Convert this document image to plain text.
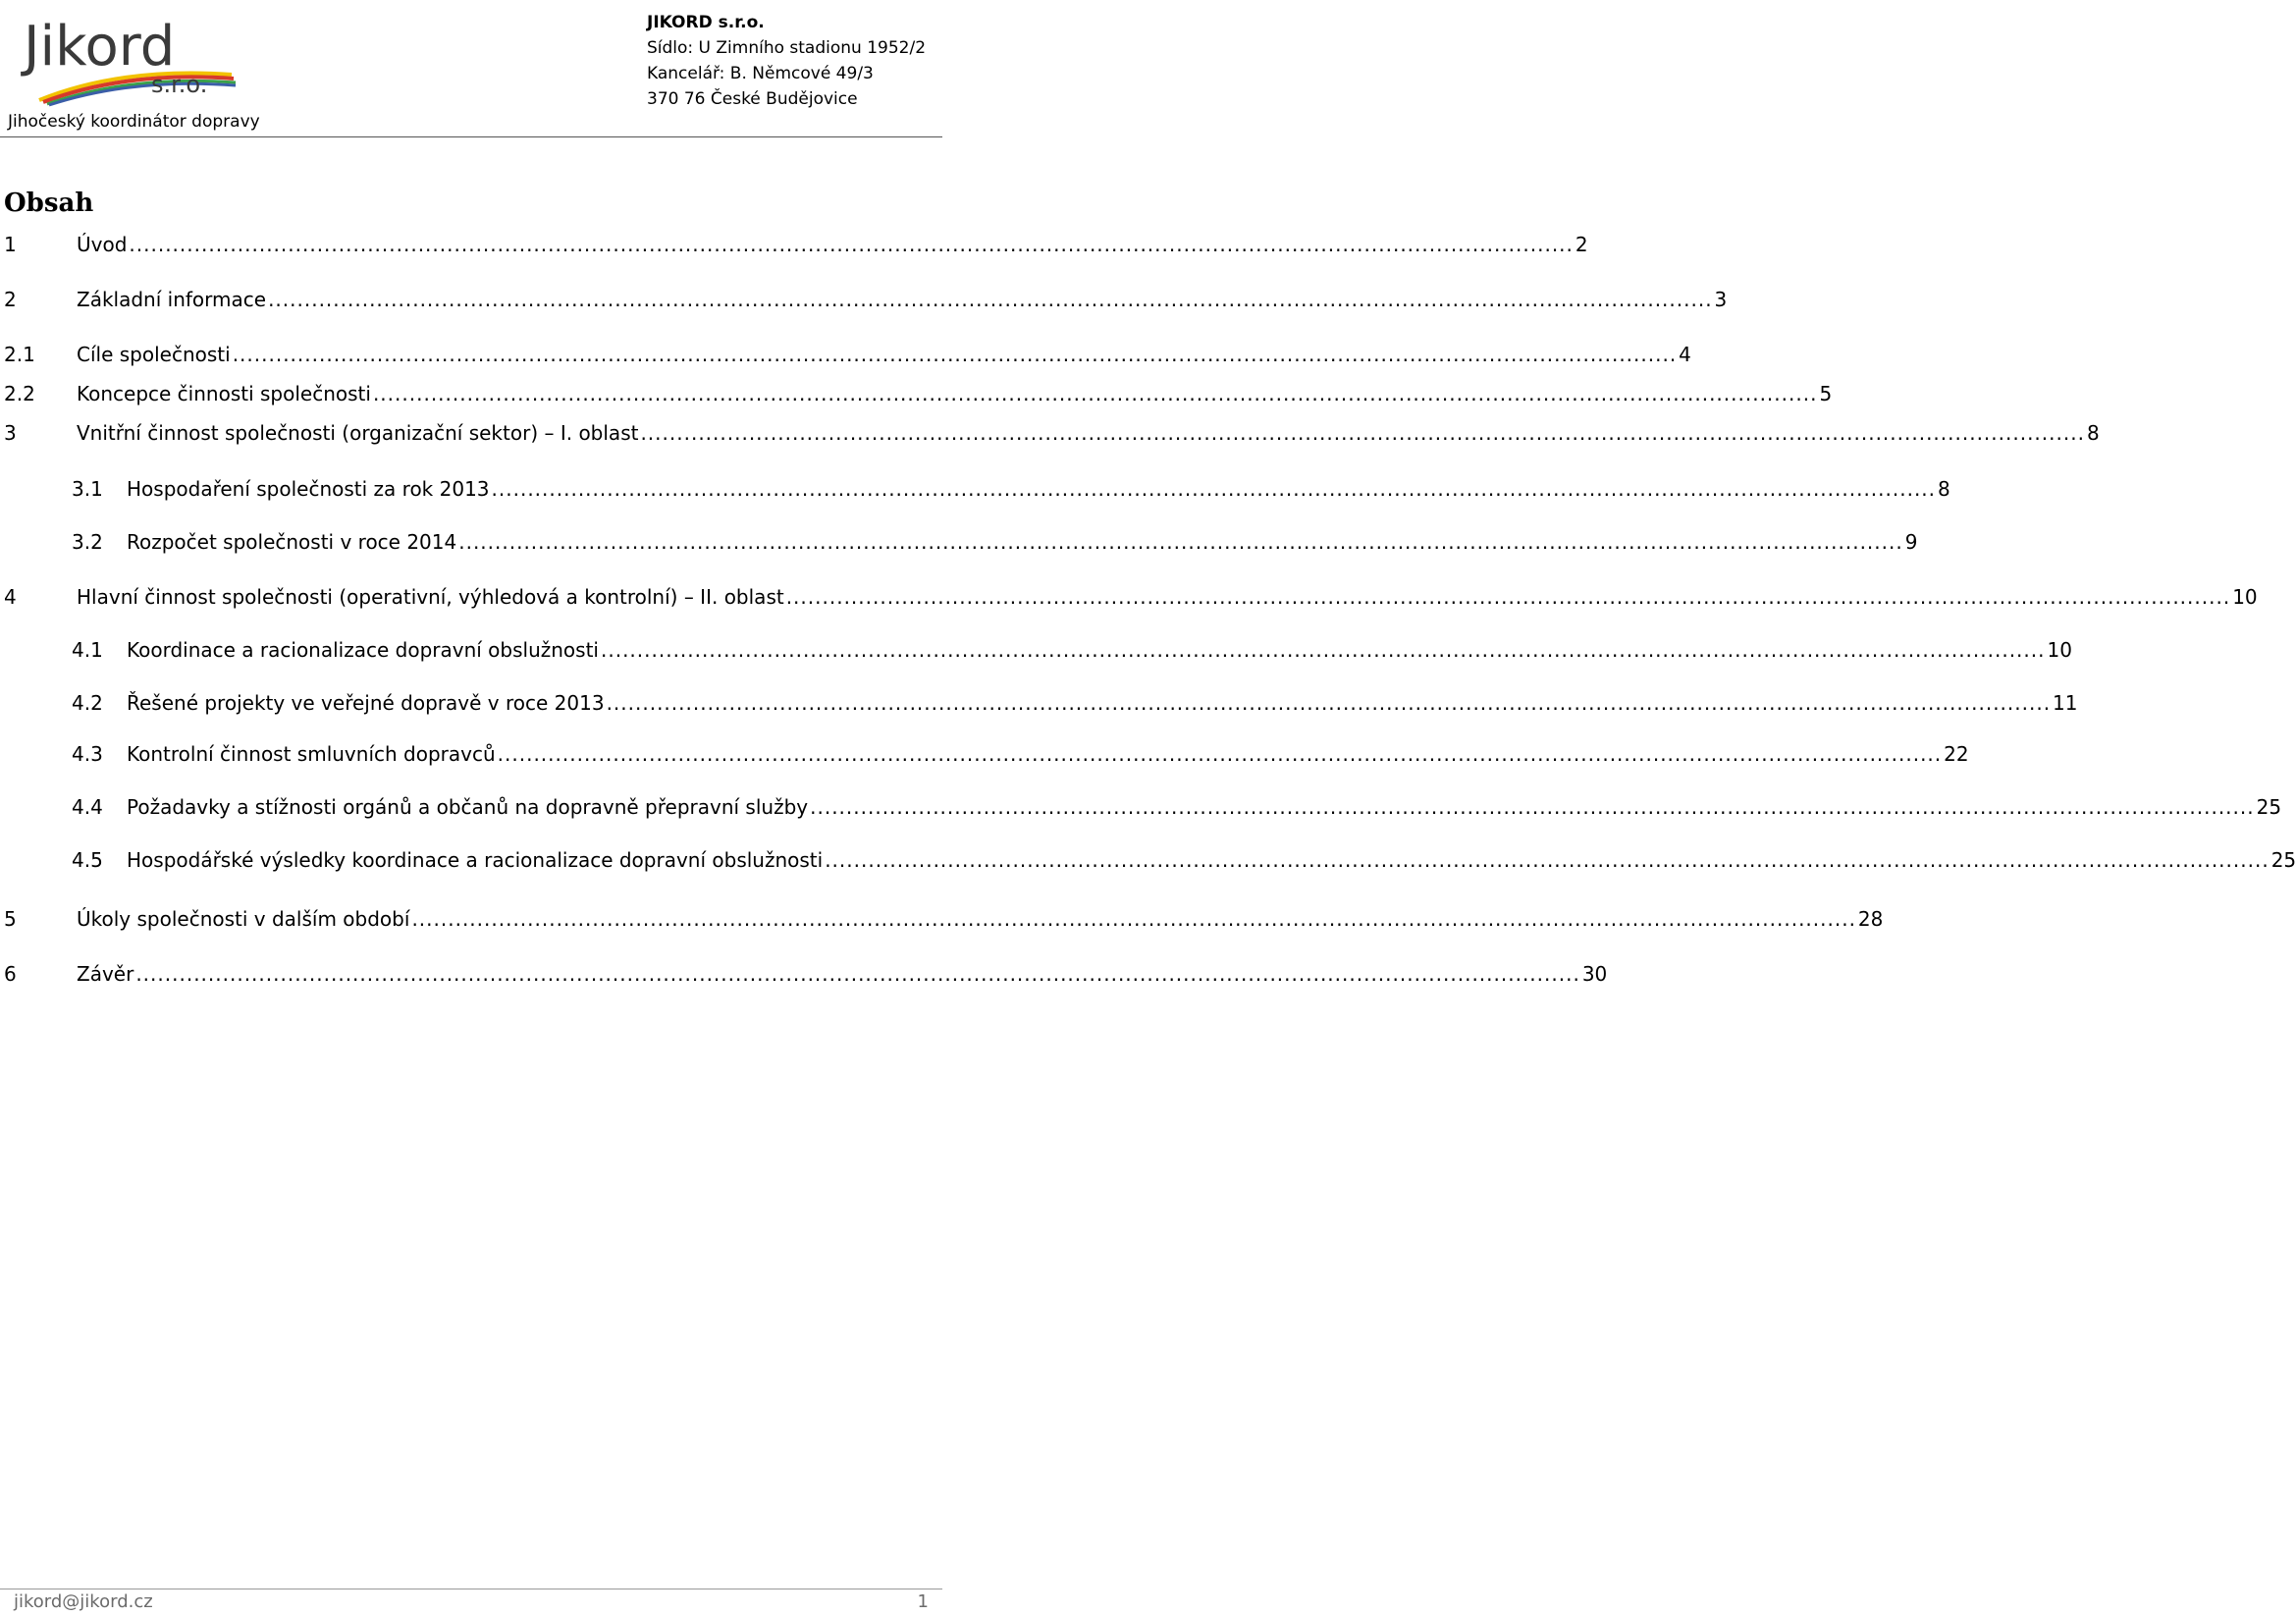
Jikord
s.r.o.
Jihočeský koordinátor dopravy
JIKORD s.r.o.
Sídlo: U Zimního stadionu 1952/2
Kancelář: B. Němcové 49/3
370 76 České Budějovice
Obsah
1	Úvod ........................................................................................................................................................................................................ 2
2	Základní informace ........................................................................................................................................................................................................ 3
2.1 Cíle společnosti ........................................................................................................................................................................................................ 4
2.2 Koncepce činnosti společnosti ........................................................................................................................................................................................................ 5
3	Vnitřní činnost společnosti (organizační sektor) – I. oblast ........................................................................................................................................................................................................ 8
3.1 Hospodaření společnosti za rok 2013 ........................................................................................................................................................................................................ 8
3.2 Rozpočet společnosti v roce 2014 ........................................................................................................................................................................................................ 9
4	Hlavní činnost společnosti (operativní, výhledová a kontrolní) – II. oblast ........................................................................................................................................................................................................ 10
4.1 Koordinace a racionalizace dopravní obslužnosti ........................................................................................................................................................................................................ 10
4.2 Řešené projekty ve veřejné dopravě v roce 2013 ........................................................................................................................................................................................................ 11
4.3 Kontrolní činnost smluvních dopravců ........................................................................................................................................................................................................ 22
4.4 Požadavky a stížnosti orgánů a občanů na dopravně přepravní služby ........................................................................................................................................................................................................ 25
4.5 Hospodářské výsledky koordinace a racionalizace dopravní obslužnosti ........................................................................................................................................................................................................ 25
5	Úkoly společnosti v dalším období ........................................................................................................................................................................................................ 28
6	Závěr ........................................................................................................................................................................................................ 30
jikord@jikord.cz	1
